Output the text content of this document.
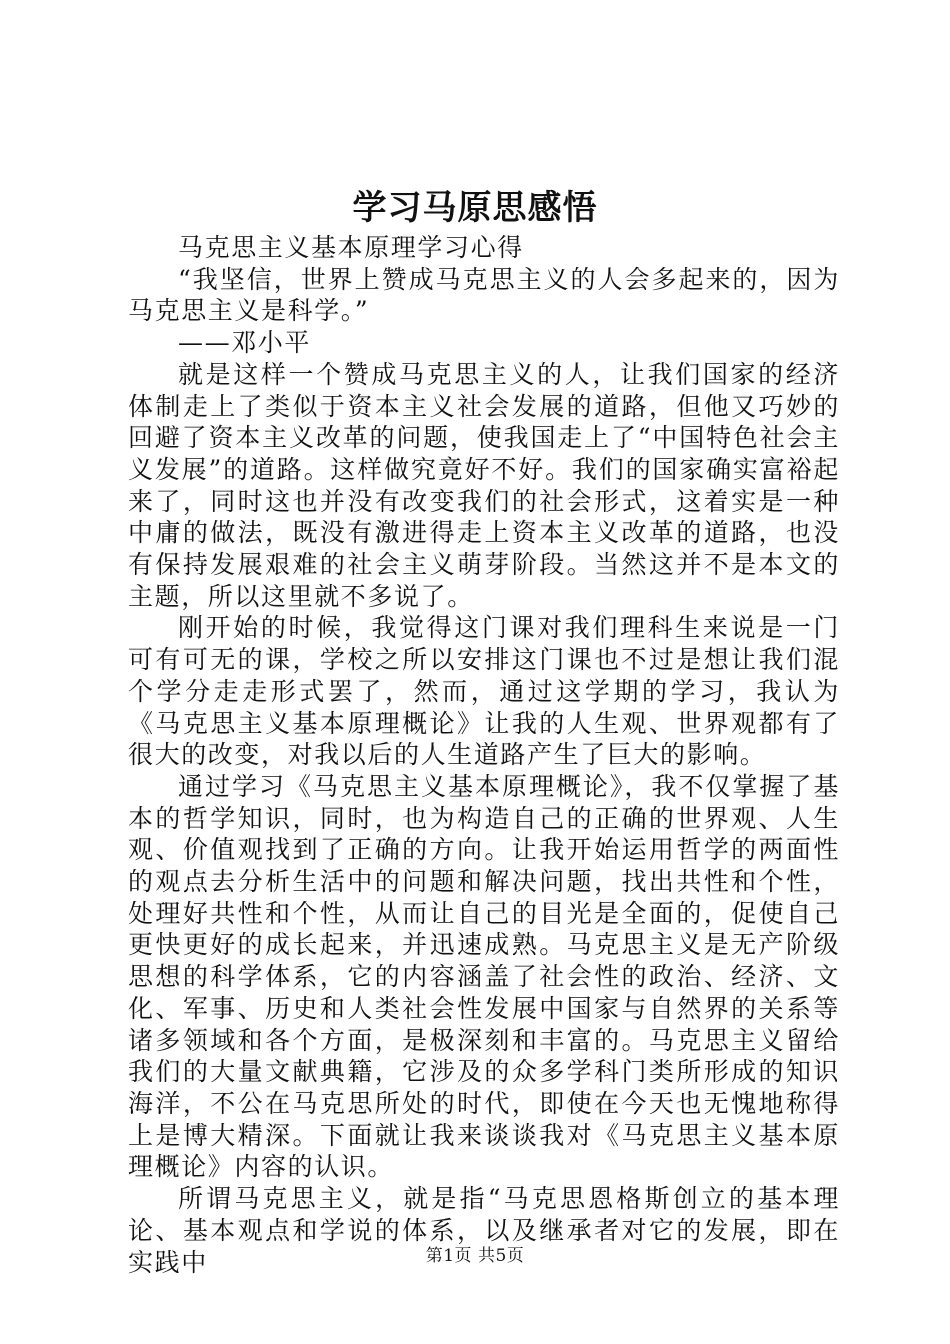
学习马原思感悟

马克思主义基本原理学习心得

“我坚信，世界上赞成马克思主义的人会多起来的，因为马克思主义是科学。”

——邓小平

就是这样一个赞成马克思主义的人，让我们国家的经济体制走上了类似于资本主义社会发展的道路，但他又巧妙的回避了资本主义改革的问题，使我国走上了“中国特色社会主义发展”的道路。这样做究竟好不好。我们的国家确实富裕起来了，同时这也并没有改变我们的社会形式，这着实是一种中庸的做法，既没有激进得走上资本主义改革的道路，也没有保持发展艰难的社会主义萌芽阶段。当然这并不是本文的主题，所以这里就不多说了。

刚开始的时候，我觉得这门课对我们理科生来说是一门可有可无的课，学校之所以安排这门课也不过是想让我们混个学分走走形式罢了，然而，通过这学期的学习，我认为《马克思主义基本原理概论》让我的人生观、世界观都有了很大的改变，对我以后的人生道路产生了巨大的影响。

通过学习《马克思主义基本原理概论》，我不仅掌握了基本的哲学知识，同时，也为构造自己的正确的世界观、人生观、价值观找到了正确的方向。让我开始运用哲学的两面性的观点去分析生活中的问题和解决问题，找出共性和个性，处理好共性和个性，从而让自己的目光是全面的，促使自己更快更好的成长起来，并迅速成熟。马克思主义是无产阶级思想的科学体系，它的内容涵盖了社会性的政治、经济、文化、军事、历史和人类社会性发展中国家与自然界的关系等诸多领域和各个方面，是极深刻和丰富的。马克思主义留给我们的大量文献典籍，它涉及的众多学科门类所形成的知识海洋，不公在马克思所处的时代，即使在今天也无愧地称得上是博大精深。下面就让我来谈谈我对《马克思主义基本原理概论》内容的认识。

所谓马克思主义，就是指“马克思恩格斯创立的基本理论、基本观点和学说的体系，以及继承者对它的发展，即在实践中	第1页 共5页
